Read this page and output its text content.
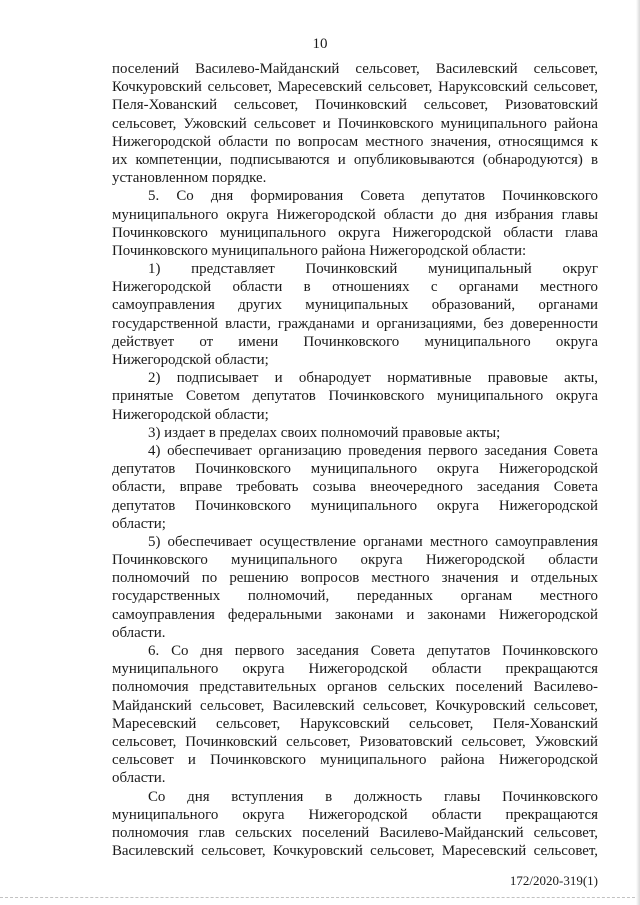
10
поселений Василево-Майданский сельсовет, Василевский сельсовет,
Кочкуровский сельсовет, Маресевский сельсовет, Наруксовский сельсовет,
Пеля-Хованский сельсовет, Починковский сельсовет, Ризоватовский
сельсовет, Ужовский сельсовет и Починковского муниципального района
Нижегородской области по вопросам местного значения, относящимся к
их компетенции, подписываются и опубликовываются (обнародуются) в
установленном порядке.
5. Со дня формирования Совета депутатов Починковского
муниципального округа Нижегородской области до дня избрания главы
Починковского муниципального округа Нижегородской области глава
Починковского муниципального района Нижегородской области:
1) представляет Починковский муниципальный округ
Нижегородской области в отношениях с органами местного
самоуправления других муниципальных образований, органами
государственной власти, гражданами и организациями, без доверенности
действует от имени Починковского муниципального округа
Нижегородской области;
2) подписывает и обнародует нормативные правовые акты,
принятые Советом депутатов Починковского муниципального округа
Нижегородской области;
3) издает в пределах своих полномочий правовые акты;
4) обеспечивает организацию проведения первого заседания Совета
депутатов Починковского муниципального округа Нижегородской
области, вправе требовать созыва внеочередного заседания Совета
депутатов Починковского муниципального округа Нижегородской
области;
5) обеспечивает осуществление органами местного самоуправления
Починковского муниципального округа Нижегородской области
полномочий по решению вопросов местного значения и отдельных
государственных полномочий, переданных органам местного
самоуправления федеральными законами и законами Нижегородской
области.
6. Со дня первого заседания Совета депутатов Починковского
муниципального округа Нижегородской области прекращаются
полномочия представительных органов сельских поселений Василево-
Майданский сельсовет, Василевский сельсовет, Кочкуровский сельсовет,
Маресевский сельсовет, Наруксовский сельсовет, Пеля-Хованский
сельсовет, Починковский сельсовет, Ризоватовский сельсовет, Ужовский
сельсовет и Починковского муниципального района Нижегородской
области.
Со дня вступления в должность главы Починковского
муниципального округа Нижегородской области прекращаются
полномочия глав сельских поселений Василево-Майданский сельсовет,
Василевский сельсовет, Кочкуровский сельсовет, Маресевский сельсовет,
172/2020-319(1)
